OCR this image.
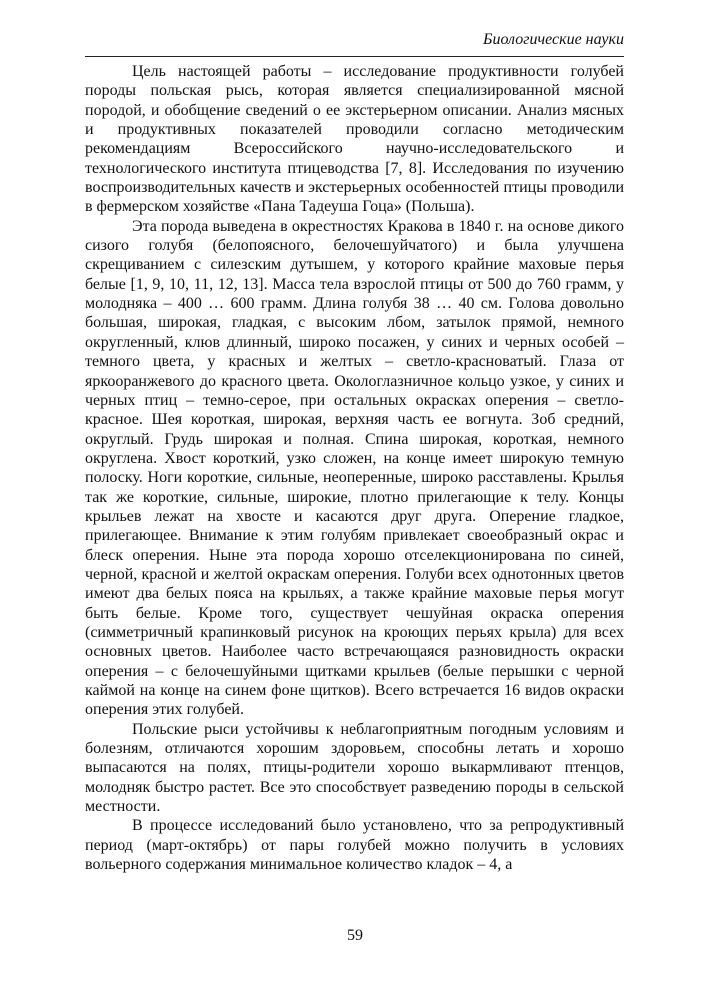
Биологические науки

Цель настоящей работы – исследование продуктивности голубей породы польская рысь, которая является специализированной мясной породой, и обобщение сведений о ее экстерьерном описании. Анализ мясных и продуктивных показателей проводили согласно методическим рекомендациям Всероссийского научно-исследовательского и технологического института птицеводства [7, 8]. Исследования по изучению воспроизводительных качеств и экстерьерных особенностей птицы проводили в фермерском хозяйстве «Пана Тадеуша Гоца» (Польша).

Эта порода выведена в окрестностях Кракова в 1840 г. на основе дикого сизого голубя (белопоясного, белочешуйчатого) и была улучшена скрещиванием с силезским дутышем, у которого крайние маховые перья белые [1, 9, 10, 11, 12, 13]. Масса тела взрослой птицы от 500 до 760 грамм, у молодняка – 400 … 600 грамм. Длина голубя 38 … 40 см. Голова довольно большая, широкая, гладкая, с высоким лбом, затылок прямой, немного округленный, клюв длинный, широко посажен, у синих и черных особей – темного цвета, у красных и желтых – светло-красноватый. Глаза от яркооранжевого до красного цвета. Окологлазничное кольцо узкое, у синих и черных птиц – темно-серое, при остальных окрасках оперения – светло-красное. Шея короткая, широкая, верхняя часть ее вогнута. Зоб средний, округлый. Грудь широкая и полная. Спина широкая, короткая, немного округлена. Хвост короткий, узко сложен, на конце имеет широкую темную полоску. Ноги короткие, сильные, неоперенные, широко расставлены. Крылья так же короткие, сильные, широкие, плотно прилегающие к телу. Концы крыльев лежат на хвосте и касаются друг друга. Оперение гладкое, прилегающее. Внимание к этим голубям привлекает своеобразный окрас и блеск оперения. Ныне эта порода хорошо отселекционирована по синей, черной, красной и желтой окраскам оперения. Голуби всех однотонных цветов имеют два белых пояса на крыльях, а также крайние маховые перья могут быть белые. Кроме того, существует чешуйная окраска оперения (симметричный крапинковый рисунок на кроющих перьях крыла) для всех основных цветов. Наиболее часто встречающаяся разновидность окраски оперения – с белочешуйными щитками крыльев (белые перышки с черной каймой на конце на синем фоне щитков). Всего встречается 16 видов окраски оперения этих голубей.

Польские рыси устойчивы к неблагоприятным погодным условиям и болезням, отличаются хорошим здоровьем, способны летать и хорошо выпасаются на полях, птицы-родители хорошо выкармливают птенцов, молодняк быстро растет. Все это способствует разведению породы в сельской местности.

В процессе исследований было установлено, что за репродуктивный период (март-октябрь) от пары голубей можно получить в условиях вольерного содержания минимальное количество кладок – 4, а

59
